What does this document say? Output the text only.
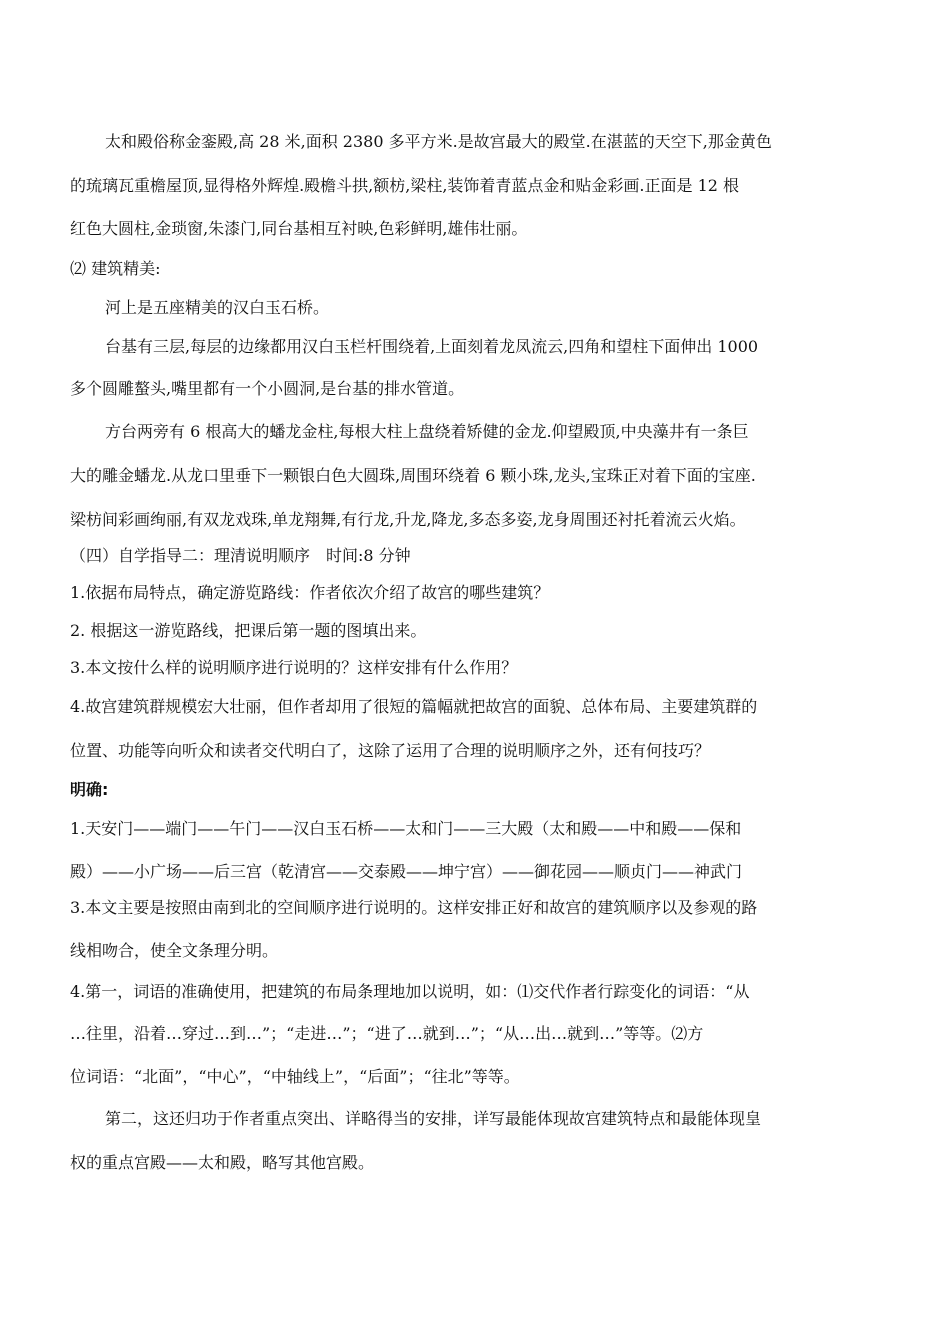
太和殿俗称金銮殿,高 28 米,面积 2380 多平方米.是故宫最大的殿堂.在湛蓝的天空下,那金黄色
的琉璃瓦重檐屋顶,显得格外辉煌.殿檐斗拱,额枋,梁柱,装饰着青蓝点金和贴金彩画.正面是 12 根
红色大圆柱,金琐窗,朱漆门,同台基相互衬映,色彩鲜明,雄伟壮丽。
⑵ 建筑精美:
河上是五座精美的汉白玉石桥。
台基有三层,每层的边缘都用汉白玉栏杆围绕着,上面刻着龙凤流云,四角和望柱下面伸出 1000
多个圆雕螯头,嘴里都有一个小圆洞,是台基的排水管道。
方台两旁有 6 根高大的蟠龙金柱,每根大柱上盘绕着矫健的金龙.仰望殿顶,中央藻井有一条巨
大的雕金蟠龙.从龙口里垂下一颗银白色大圆珠,周围环绕着 6 颗小珠,龙头,宝珠正对着下面的宝座.
梁枋间彩画绚丽,有双龙戏珠,单龙翔舞,有行龙,升龙,降龙,多态多姿,龙身周围还衬托着流云火焰。
（四）自学指导二：理清说明顺序　时间:8 分钟
1.依据布局特点，确定游览路线：作者依次介绍了故宫的哪些建筑？
2. 根据这一游览路线，把课后第一题的图填出来。
3.本文按什么样的说明顺序进行说明的？这样安排有什么作用？
4.故宫建筑群规模宏大壮丽，但作者却用了很短的篇幅就把故宫的面貌、总体布局、主要建筑群的
位置、功能等向听众和读者交代明白了，这除了运用了合理的说明顺序之外，还有何技巧？
明确:
1.天安门——端门——午门——汉白玉石桥——太和门——三大殿（太和殿——中和殿——保和
殿）——小广场——后三宫（乾清宫——交泰殿——坤宁宫）——御花园——顺贞门——神武门
3.本文主要是按照由南到北的空间顺序进行说明的。这样安排正好和故宫的建筑顺序以及参观的路
线相吻合，使全文条理分明。
4.第一，词语的准确使用，把建筑的布局条理地加以说明，如：⑴交代作者行踪变化的词语：“从
…往里，沿着…穿过…到…”；“走进…”；“进了…就到…”；“从…出…就到…”等等。⑵方
位词语：“北面”，“中心”，“中轴线上”，“后面”；“往北”等等。
第二，这还归功于作者重点突出、详略得当的安排，详写最能体现故宫建筑特点和最能体现皇
权的重点宫殿——太和殿，略写其他宫殿。
